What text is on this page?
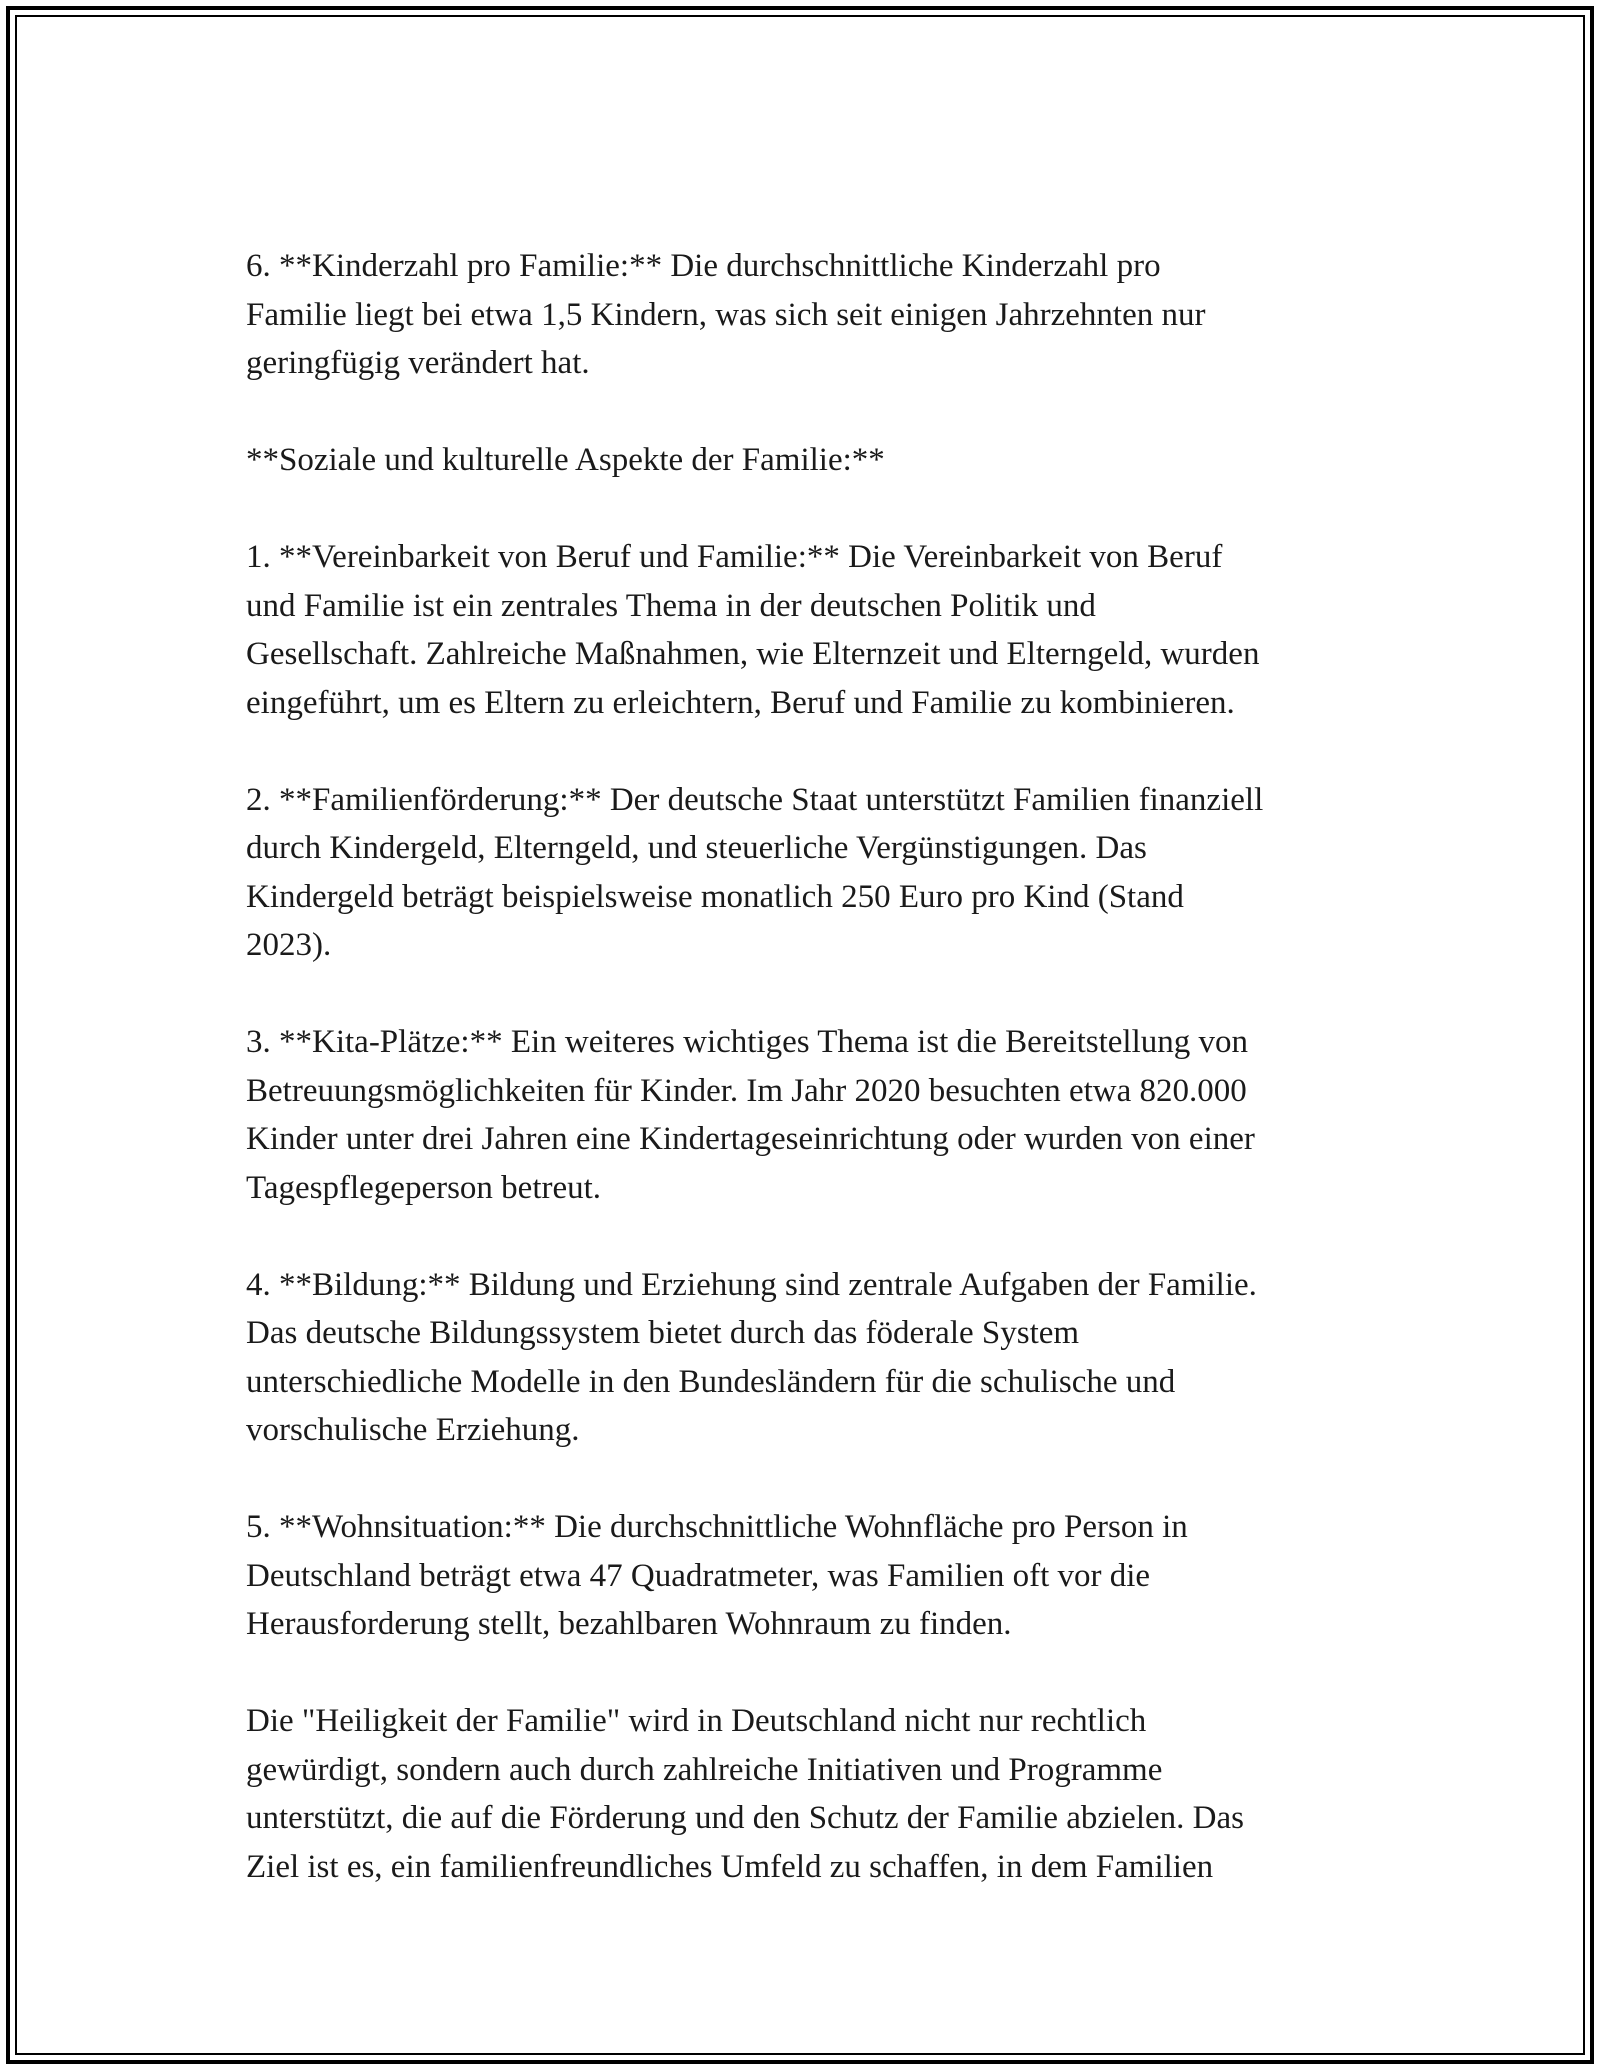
6. **Kinderzahl pro Familie:** Die durchschnittliche Kinderzahl pro
Familie liegt bei etwa 1,5 Kindern, was sich seit einigen Jahrzehnten nur
geringfügig verändert hat.

**Soziale und kulturelle Aspekte der Familie:**

1. **Vereinbarkeit von Beruf und Familie:** Die Vereinbarkeit von Beruf
und Familie ist ein zentrales Thema in der deutschen Politik und
Gesellschaft. Zahlreiche Maßnahmen, wie Elternzeit und Elterngeld, wurden
eingeführt, um es Eltern zu erleichtern, Beruf und Familie zu kombinieren.

2. **Familienförderung:** Der deutsche Staat unterstützt Familien finanziell
durch Kindergeld, Elterngeld, und steuerliche Vergünstigungen. Das
Kindergeld beträgt beispielsweise monatlich 250 Euro pro Kind (Stand
2023).

3. **Kita-Plätze:** Ein weiteres wichtiges Thema ist die Bereitstellung von
Betreuungsmöglichkeiten für Kinder. Im Jahr 2020 besuchten etwa 820.000
Kinder unter drei Jahren eine Kindertageseinrichtung oder wurden von einer
Tagespflegeperson betreut.

4. **Bildung:** Bildung und Erziehung sind zentrale Aufgaben der Familie.
Das deutsche Bildungssystem bietet durch das föderale System
unterschiedliche Modelle in den Bundesländern für die schulische und
vorschulische Erziehung.

5. **Wohnsituation:** Die durchschnittliche Wohnfläche pro Person in
Deutschland beträgt etwa 47 Quadratmeter, was Familien oft vor die
Herausforderung stellt, bezahlbaren Wohnraum zu finden.

Die "Heiligkeit der Familie" wird in Deutschland nicht nur rechtlich
gewürdigt, sondern auch durch zahlreiche Initiativen und Programme
unterstützt, die auf die Förderung und den Schutz der Familie abzielen. Das
Ziel ist es, ein familienfreundliches Umfeld zu schaffen, in dem Familien
